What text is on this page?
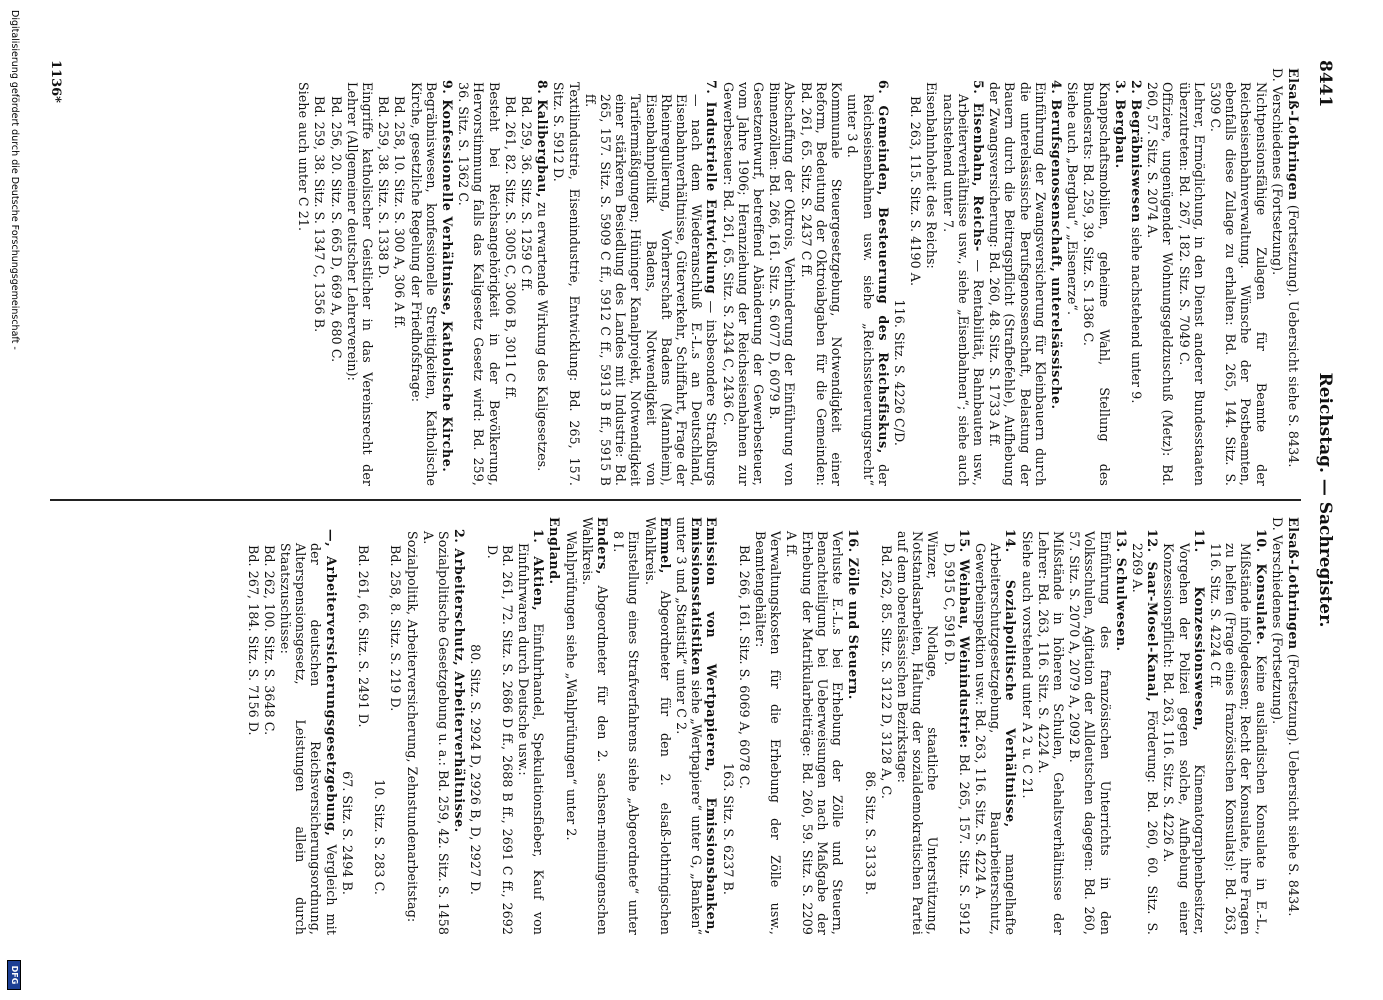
8441
Reichstag. — Sachregister.
Elsaß-Lothringen (Fortsetzung). Uebersicht siehe S. 8434.
D. Verschiedenes (Fortsetzung).
Nichtpensionsfähige Zulagen für Beamte der Reichseisenbahnverwaltung. Wünsche der Postbeamten, ebenfalls diese Zulage zu erhalten: Bd. 265, 144. Sitz. S. 5309 C.
Lehrer, Ermöglichung, in den Dienst anderer Bundesstaaten überzutreten: Bd. 267, 182. Sitz. S. 7049 C.
Offiziere, ungenügender Wohnungsgeldzuschuß (Metz): Bd. 260, 57. Sitz. S. 2074 A.
2. Begräbniswesen siehe nachstehend unter 9.
3. Bergbau.
Knappschaftsmobilien, geheime Wahl, Stellung des Bundesrats: Bd. 259, 39. Sitz. S. 1386 C.
Siehe auch „Bergbau“, „Eisenerze“.
4. Berufsgenossenschaft, unterelsässische.
Einführung der Zwangsversicherung für Kleinbauern durch die unterelsässische Berufsgenossenschaft, Belastung der Bauern durch die Beitragspflicht (Strafbefehle), Aufhebung der Zwangsversicherung: Bd. 260, 48. Sitz. S. 1733 A ff.
5. Eisenbahn, Reichs- — Rentabilität, Bahnbauten usw., Arbeiterverhältnisse usw., siehe „Eisenbahnen“; siehe auch nachstehend unter 7.
Eisenbahnhoheit des Reichs:
Bd. 263, 115. Sitz. S. 4190 A.
116. Sitz. S. 4226 C/D.
6. Gemeinden, Besteuerung des Reichsfiskus, der Reichseisenbahnen usw. siehe „Reichssteuerungsrecht“ unter 3 d.
Kommunale Steuergesetzgebung, Notwendigkeit einer Reform, Bedeutung der Oktroiabgaben für die Gemeinden: Bd. 261, 65. Sitz. S. 2437 C ff.
Abschaffung der Oktrois, Verhinderung der Einführung von Binnenzöllen: Bd. 266, 161. Sitz. S. 6077 D, 6079 B.
Gesetzentwurf, betreffend Abänderung der Gewerbesteuer, vom Jahre 1906; Heranziehung der Reichseisenbahnen zur Gewerbesteuer: Bd. 261, 65. Sitz. S. 2434 C, 2436 C.
7. Industrielle Entwicklung — insbesondere Straßburgs — nach dem Wiederanschluß E.-L.s an Deutschland, Eisenbahnverhältnisse, Güterverkehr, Schiffahrt, Frage der Rheinregulierung, Vorherrschaft Badens (Mannheim), Eisenbahnpolitik Badens, Notwendigkeit von Tarifermäßigungen; Hüninger Kanalprojekt, Notwendigkeit einer stärkeren Besiedlung des Landes mit Industrie: Bd. 265, 157. Sitz. S. 5909 C ff., 5912 C ff., 5913 B ff., 5915 B ff.
Textilindustrie, Eisenindustrie, Entwicklung: Bd. 265, 157. Sitz. S. 5912 D.
8. Kalibergbau, zu erwartende Wirkung des Kaligesetzes.
Bd. 259, 36. Sitz. S. 1259 C ff.
Bd. 261, 82. Sitz. S. 3005 C, 3006 B, 3011 C ff.
Besteht bei Reichsangehörigkeit in der Bevölkerung, Hervorstimmung falls das Kaligesetz Gesetz wird: Bd. 259, 36. Sitz. S. 1362 C.
9. Konfessionelle Verhältnisse, Katholische Kirche.
Begräbniswesen, konfessionelle Streitigkeiten, Katholische Kirche, gesetzliche Regelung der Friedhofsfrage:
Bd. 258, 10. Sitz. S. 300 A, 306 A ff.
Bd. 259, 38. Sitz. S. 1338 D.
Eingriffe katholischer Geistlicher in das Vereinsrecht der Lehrer (Allgemeiner deutscher Lehrerverein):
Bd. 256, 20. Sitz. S. 665 D, 669 A, 680 C.
Bd. 259, 38. Sitz. S. 1347 C, 1356 B.
Siehe auch unter C 21.
Elsaß-Lothringen (Fortsetzung). Uebersicht siehe S. 8434.
D. Verschiedenes (Fortsetzung).
10. Konsulate. Keine ausländischen Konsulate in E.-L., Mißstände infolgedessen; Recht der Konsulate, ihre Fragen zu helfen (Frage eines französischen Konsulats): Bd. 263, 116. Sitz. S. 4224 C ff.
11. Konzessionswesen, Kinematographenbesitzer, Vorgehen der Polizei gegen solche, Aufhebung einer Konzessionspflicht: Bd. 263, 116. Sitz. S. 4226 A.
12. Saar-Mosel-Kanal, Förderung: Bd. 260, 60. Sitz. S. 2269 A.
13. Schulwesen.
Einführung des französischen Unterrichts in den Volksschulen, Agitation der Alldeutschen dagegen: Bd. 260, 57. Sitz. S. 2070 A, 2079 A, 2092 B.
Mißstände in höheren Schulen, Gehaltsverhältnisse der Lehrer: Bd. 263, 116. Sitz. S. 4224 A.
Siehe auch vorstehend unter A 2 u. C 21.
14. Sozialpolitische Verhältnisse, mangelhafte Arbeiterschutzgesetzgebung, Bauarbeiterschutz, Gewerbeinspektion usw.: Bd. 263, 116. Sitz. S. 4224 A.
15. Weinbau, Weinindustrie: Bd. 265, 157. Sitz. S. 5912 D, 5915 C, 5916 D.
Winzer, Notlage, staatliche Unterstützung, Notstandsarbeiten, Haltung der sozialdemokratischen Partei auf dem oberelsässischen Bezirkstage:
Bd. 262, 85. Sitz. S. 3122 D, 3128 A, C.
86. Sitz. S. 3133 B.
16. Zölle und Steuern.
Verluste E.-L.s bei Erhebung der Zölle und Steuern, Benachteiligung bei Ueberweisungen nach Maßgabe der Erhebung der Matrikularbeiträge: Bd. 260, 59. Sitz. S. 2209 A ff.
Verwaltungskosten für die Erhebung der Zölle usw., Beamtengehälter:
Bd. 266, 161. Sitz. S. 6069 A, 6078 C.
163. Sitz. S. 6237 B.
Emission von Wertpapieren, Emissionsbanken, Emissionsstatistiken siehe „Wertpapiere“ unter G, „Banken“ unter 3 und „Statistik“ unter C 2.
Emmel, Abgeordneter für den 2. elsaß-lothringischen Wahlkreis.
Einstellung eines Strafverfahrens siehe „Abgeordnete“ unter 8 I.
Enders, Abgeordneter für den 2. sachsen-meiningenschen Wahlkreis.
Wahlprüfungen siehe „Wahlprüfungen“ unter 2.
England.
1. Aktien, Einfuhrhandel, Spekulationsfieber, Kauf von Einfuhrwaren durch Deutsche usw.:
Bd. 261, 72. Sitz. S. 2686 D ff., 2688 B ff., 2691 C ff., 2692 D.
80. Sitz. S. 2924 D, 2926 B, D, 2927 D.
2. Arbeiterschutz, Arbeiterverhältnisse.
Sozialpolitische Gesetzgebung u. a.: Bd. 259, 42. Sitz. S. 1458 A.
Sozialpolitik, Arbeiterversicherung, Zehnstundenarbeitstag:
Bd. 258, 8. Sitz. S. 219 D.
10. Sitz. S. 283 C.
Bd. 261, 66. Sitz. S. 2491 D.
67. Sitz. S. 2494 B.
—, Arbeiterversicherungsgesetzgebung, Vergleich mit der deutschen Reichsversicherungsordnung, Alterspensionsgesetz, Leistungen allein durch Staatszuschüsse:
Bd. 262, 100. Sitz. S. 3648 C.
Bd. 267, 184. Sitz. S. 7156 D.
1136*
Digitalisierung gefördert durch die Deutsche Forschungsgemeinschaft -
DFG
